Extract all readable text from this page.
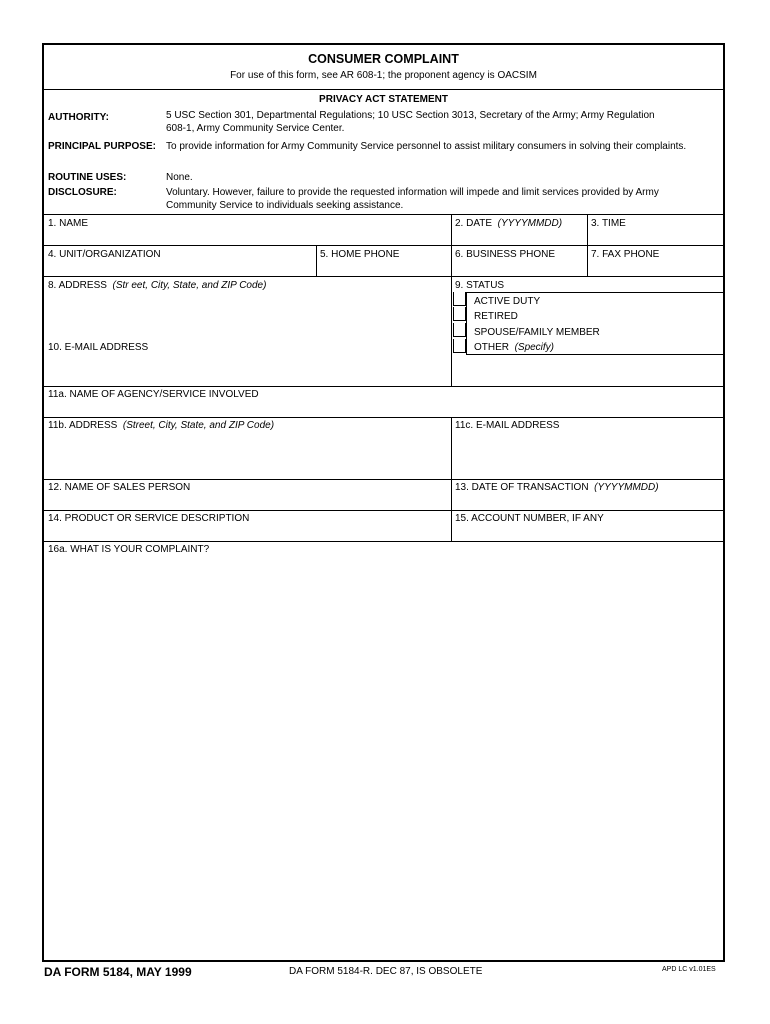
CONSUMER COMPLAINT
For use of this form, see AR 608-1; the proponent agency is OACSIM
PRIVACY ACT STATEMENT
AUTHORITY:	5 USC Section 301, Departmental Regulations; 10 USC Section 3013, Secretary of the Army; Army Regulation
608-1, Army Community Service Center.
PRINCIPAL PURPOSE: To provide information for Army Community Service personnel to assist military consumers in solving their complaints.
ROUTINE USES:	None.
DISCLOSURE:	Voluntary. However, failure to provide the requested information will impede and limit services provided by Army
Community Service to individuals seeking assistance.
1. NAME	2. DATE (YYYYMMDD)	3. TIME
4. UNIT/ORGANIZATION	5. HOME PHONE	6. BUSINESS PHONE	7. FAX PHONE
8. ADDRESS (Str eet, City, State, and ZIP Code)	9. STATUS
ACTIVE DUTY
RETIRED
SPOUSE/FAMILY MEMBER
OTHER (Specify)
10. E-MAIL ADDRESS
11a. NAME OF AGENCY/SERVICE INVOLVED
11b. ADDRESS (Street, City, State, and ZIP Code)	11c. E-MAIL ADDRESS
12. NAME OF SALES PERSON	13. DATE OF TRANSACTION (YYYYMMDD)
14. PRODUCT OR SERVICE DESCRIPTION	15. ACCOUNT NUMBER, IF ANY
16a. WHAT IS YOUR COMPLAINT?
DA FORM 5184, MAY 1999	DA FORM 5184-R. DEC 87, IS OBSOLETE	APD LC v1.01ES
